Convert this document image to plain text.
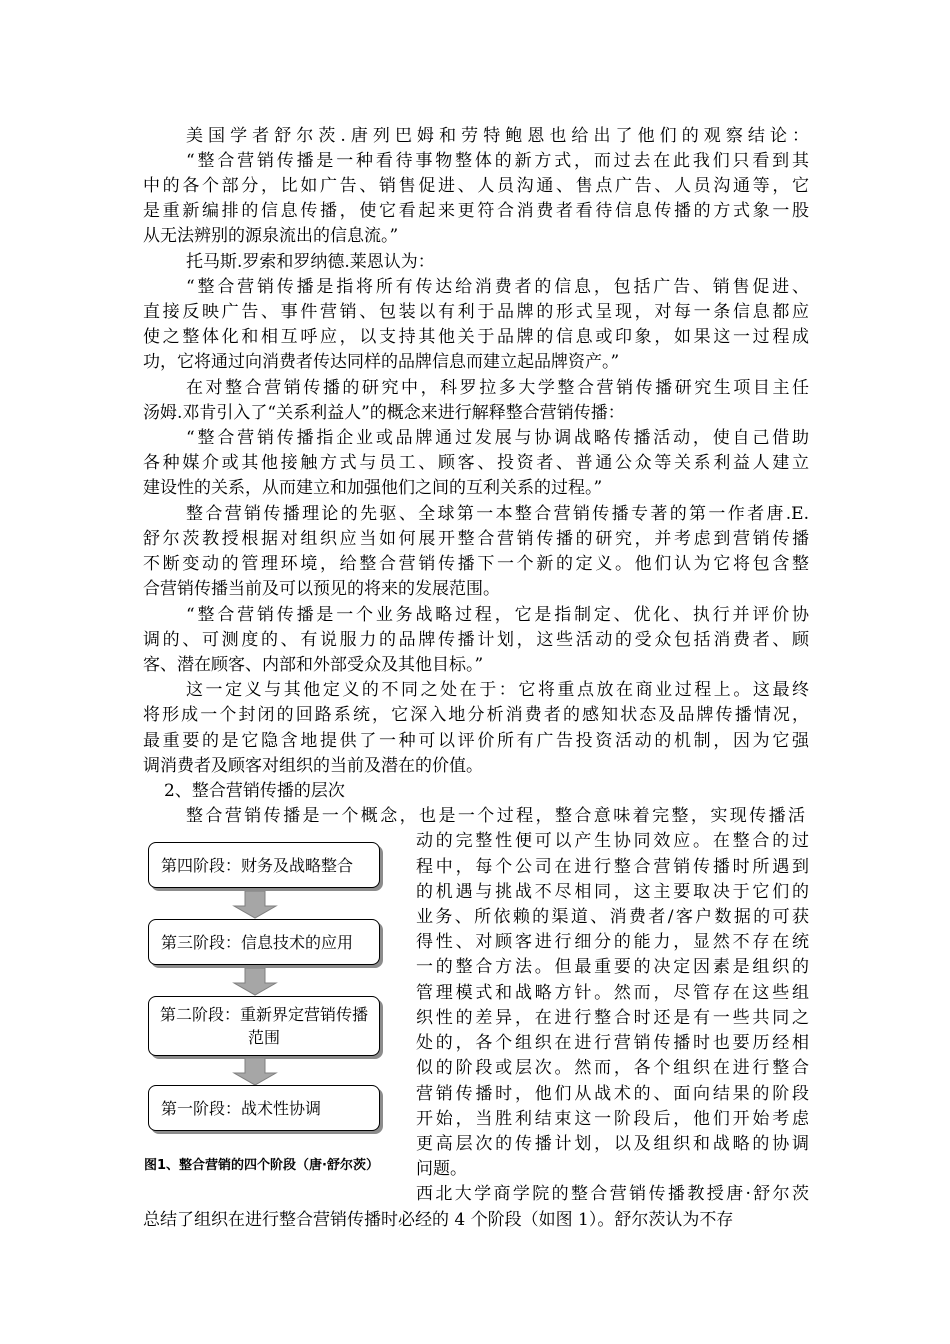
美国学者舒尔茨.唐列巴姆和劳特鲍恩也给出了他们的观察结论：
“整合营销传播是一种看待事物整体的新方式，而过去在此我们只看到其
中的各个部分，比如广告、销售促进、人员沟通、售点广告、人员沟通等，它
是重新编排的信息传播，使它看起来更符合消费者看待信息传播的方式象一股
从无法辨别的源泉流出的信息流。”
托马斯.罗索和罗纳德.莱恩认为：
“整合营销传播是指将所有传达给消费者的信息，包括广告、销售促进、
直接反映广告、事件营销、包装以有利于品牌的形式呈现，对每一条信息都应
使之整体化和相互呼应，以支持其他关于品牌的信息或印象，如果这一过程成
功，它将通过向消费者传达同样的品牌信息而建立起品牌资产。”
在对整合营销传播的研究中，科罗拉多大学整合营销传播研究生项目主任
汤姆.邓肯引入了“关系利益人”的概念来进行解释整合营销传播：
“整合营销传播指企业或品牌通过发展与协调战略传播活动，使自己借助
各种媒介或其他接触方式与员工、顾客、投资者、普通公众等关系利益人建立
建设性的关系，从而建立和加强他们之间的互利关系的过程。”
整合营销传播理论的先驱、全球第一本整合营销传播专著的第一作者唐.E.
舒尔茨教授根据对组织应当如何展开整合营销传播的研究，并考虑到营销传播
不断变动的管理环境，给整合营销传播下一个新的定义。他们认为它将包含整
合营销传播当前及可以预见的将来的发展范围。
“整合营销传播是一个业务战略过程，它是指制定、优化、执行并评价协
调的、可测度的、有说服力的品牌传播计划，这些活动的受众包括消费者、顾
客、潜在顾客、内部和外部受众及其他目标。”
这一定义与其他定义的不同之处在于：它将重点放在商业过程上。这最终
将形成一个封闭的回路系统，它深入地分析消费者的感知状态及品牌传播情况，
最重要的是它隐含地提供了一种可以评价所有广告投资活动的机制，因为它强
调消费者及顾客对组织的当前及潜在的价值。
2、整合营销传播的层次
整合营销传播是一个概念，也是一个过程，整合意味着完整，实现传播活
动的完整性便可以产生协同效应。在整合的过
程中，每个公司在进行整合营销传播时所遇到
的机遇与挑战不尽相同，这主要取决于它们的
业务、所依赖的渠道、消费者/客户数据的可获
得性、对顾客进行细分的能力，显然不存在统
一的整合方法。但最重要的决定因素是组织的
管理模式和战略方针。然而，尽管存在这些组
织性的差异，在进行整合时还是有一些共同之
处的，各个组织在进行营销传播时也要历经相
似的阶段或层次。然而，各个组织在进行整合
营销传播时，他们从战术的、面向结果的阶段
开始，当胜利结束这一阶段后，他们开始考虑
更高层次的传播计划，以及组织和战略的协调
问题。
西北大学商学院的整合营销传播教授唐·舒尔茨
总结了组织在进行整合营销传播时必经的 4 个阶段（如图 1）。舒尔茨认为不存
第四阶段：财务及战略整合
第三阶段：信息技术的应用
第二阶段：重新界定营销传播范围
第一阶段：战术性协调
图1、整合营销的四个阶段（唐·舒尔茨）
